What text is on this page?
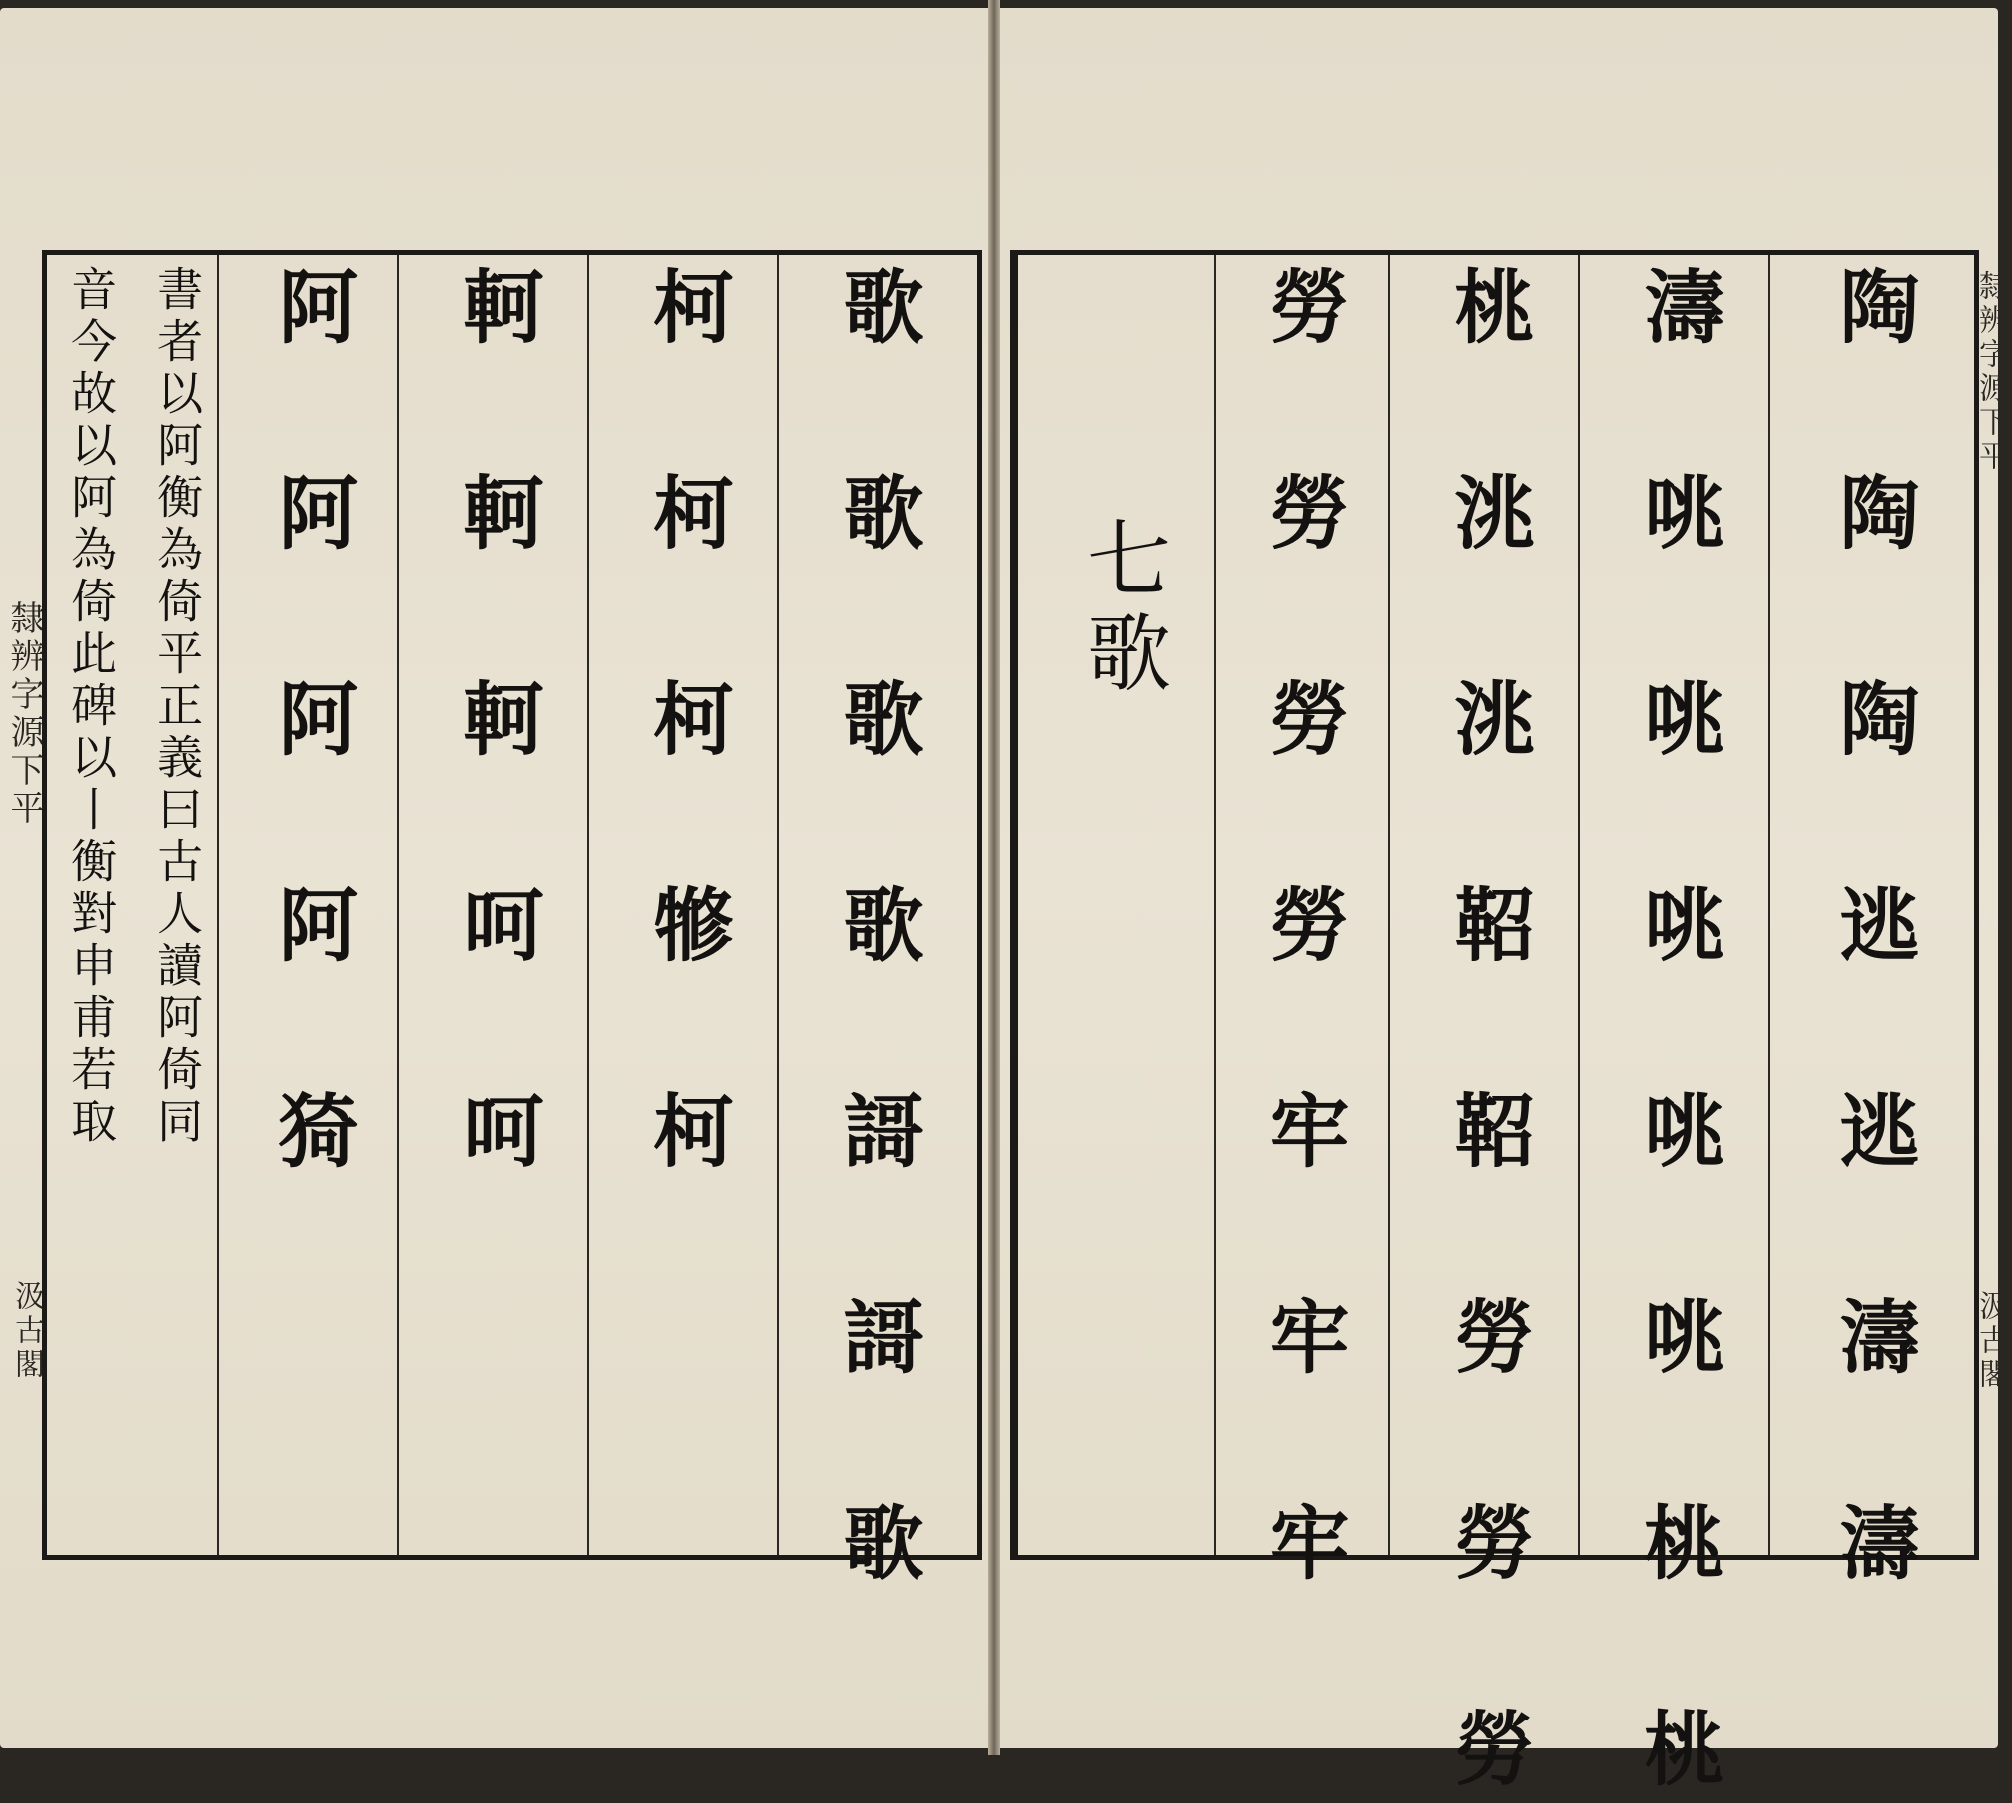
隸辨字源下平
汲古閣	歌 歌 歌 歌 謌 謌 歌
柯 柯 柯 㹋 柯
軻 軻 軻 呵 呵
阿 阿 阿 阿 猗
書者以阿衡為倚平正義曰古人讀阿倚同
音今故以阿為倚此碑以丨衡對申甫若取	隸辨字源下平
汲古閣
陶 陶 陶 逃 逃 濤 濤
濤 咷 咷 咷 咷 咷 桃 桃
桃 洮 洮 鞀 鞀 勞 勞 勞
勞 勞 勞 勞 牢 牢 牢
七歌
